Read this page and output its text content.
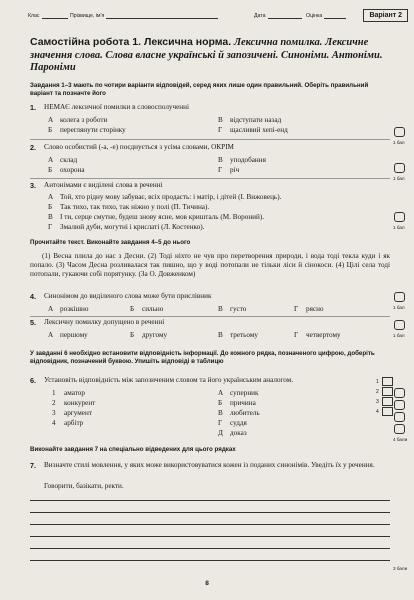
Клас	Прізвище, ім'я	Дата	Оцінка	Варіант 2
Самостійна робота 1. Лексична норма. Лексична помилка. Лексичне значення слова. Слова власне українські й запозичені. Синоніми. Антоніми. Пароніми
Завдання 1–3 мають по чотири варіанти відповідей, серед яких лише один правильний. Оберіть правильний варіант та позначте його
1.	НЕМАЄ лексичної помилки в словосполученні
А колега з роботи	В відступати назад
Б переглянути сторінку	Г щасливий хепі-енд
1 бал
2.	Слово особистий (-а, -е) поєднується з усіма словами, ОКРІМ
А склад	В уподобання
Б охорона	Г річ
1 бал
3.	Антонімами є виділені слова в реченні
А Той, хто рідну мову забуває, всіх продасть: і матір, і дітей (І. Вижовець).
Б Так тихо, так тихо, так ніжно у полі (П. Тичина).
В І ти, серце смутне, будеш знову ясне, мов кришталь (М. Вороний).
Г Змалюй дуби, могутні і крислаті (Л. Костенко).	1 бал
Прочитайте текст. Виконайте завдання 4–5 до нього
(1) Весна плила до нас з Десни. (2) Тоді ніхто не чув про перетворення природи, і вода тоді текла куди і як попало. (3) Часом Десна розливалася так пишно, що у воді потопали не тільки ліси й сінокоси. (4) Цілі села тоді потопали, гукаючи собі порятунку. (За О. Довженком)
4.	Синонімом до виділеного слова може бути прислівник
А розкішно	Б сильно	В густо	Г рясно	1 бал
5.	Лексичну помилку допущено в реченні
А першому	Б другому	В третьому	Г четвертому	1 бал
У завданні 6 необхідно встановити відповідність інформації. До кожного рядка, позначеного цифрою, доберіть відповідник, позначений буквою. Упишіть відповіді в таблицю
6.	Установіть відповідність між запозиченим словом та його українським аналогом.
1 аматор
2 конкурент
3 аргумент
4 арбітр
А суперник
Б причина
В любитель
Г суддя
Д доказ
1
2
3
4
4 бали
Виконайте завдання 7 на спеціально відведених для цього рядках
7.	Визначте стилі мовлення, у яких може використовуватися кожен із поданих синонімів. Уведіть їх у речення.
Говорити, базікати, ректи.
3 бали
8
